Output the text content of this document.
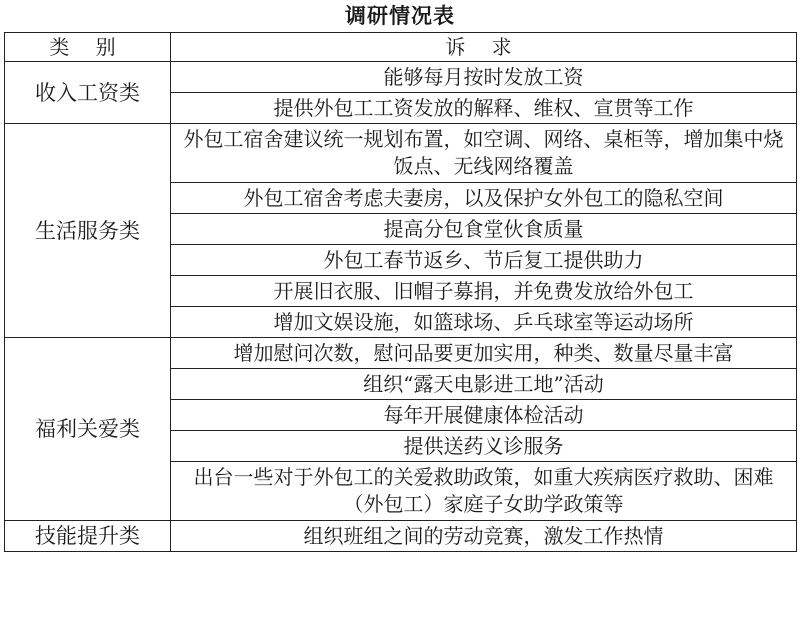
调研情况表
类 别	诉 求
收入工资类	能够每月按时发放工资
	提供外包工工资发放的解释、维权、宣贯等工作
生活服务类	外包工宿舍建议统一规划布置，如空调、网络、桌柜等，增加集中烧饭点、无线网络覆盖
	外包工宿舍考虑夫妻房，以及保护女外包工的隐私空间
	提高分包食堂伙食质量
	外包工春节返乡、节后复工提供助力
	开展旧衣服、旧帽子募捐，并免费发放给外包工
	增加文娱设施，如篮球场、乒乓球室等运动场所
福利关爱类	增加慰问次数，慰问品要更加实用，种类、数量尽量丰富
	组织“露天电影进工地”活动
	每年开展健康体检活动
	提供送药义诊服务
	出台一些对于外包工的关爱救助政策，如重大疾病医疗救助、困难（外包工）家庭子女助学政策等
技能提升类	组织班组之间的劳动竞赛，激发工作热情
